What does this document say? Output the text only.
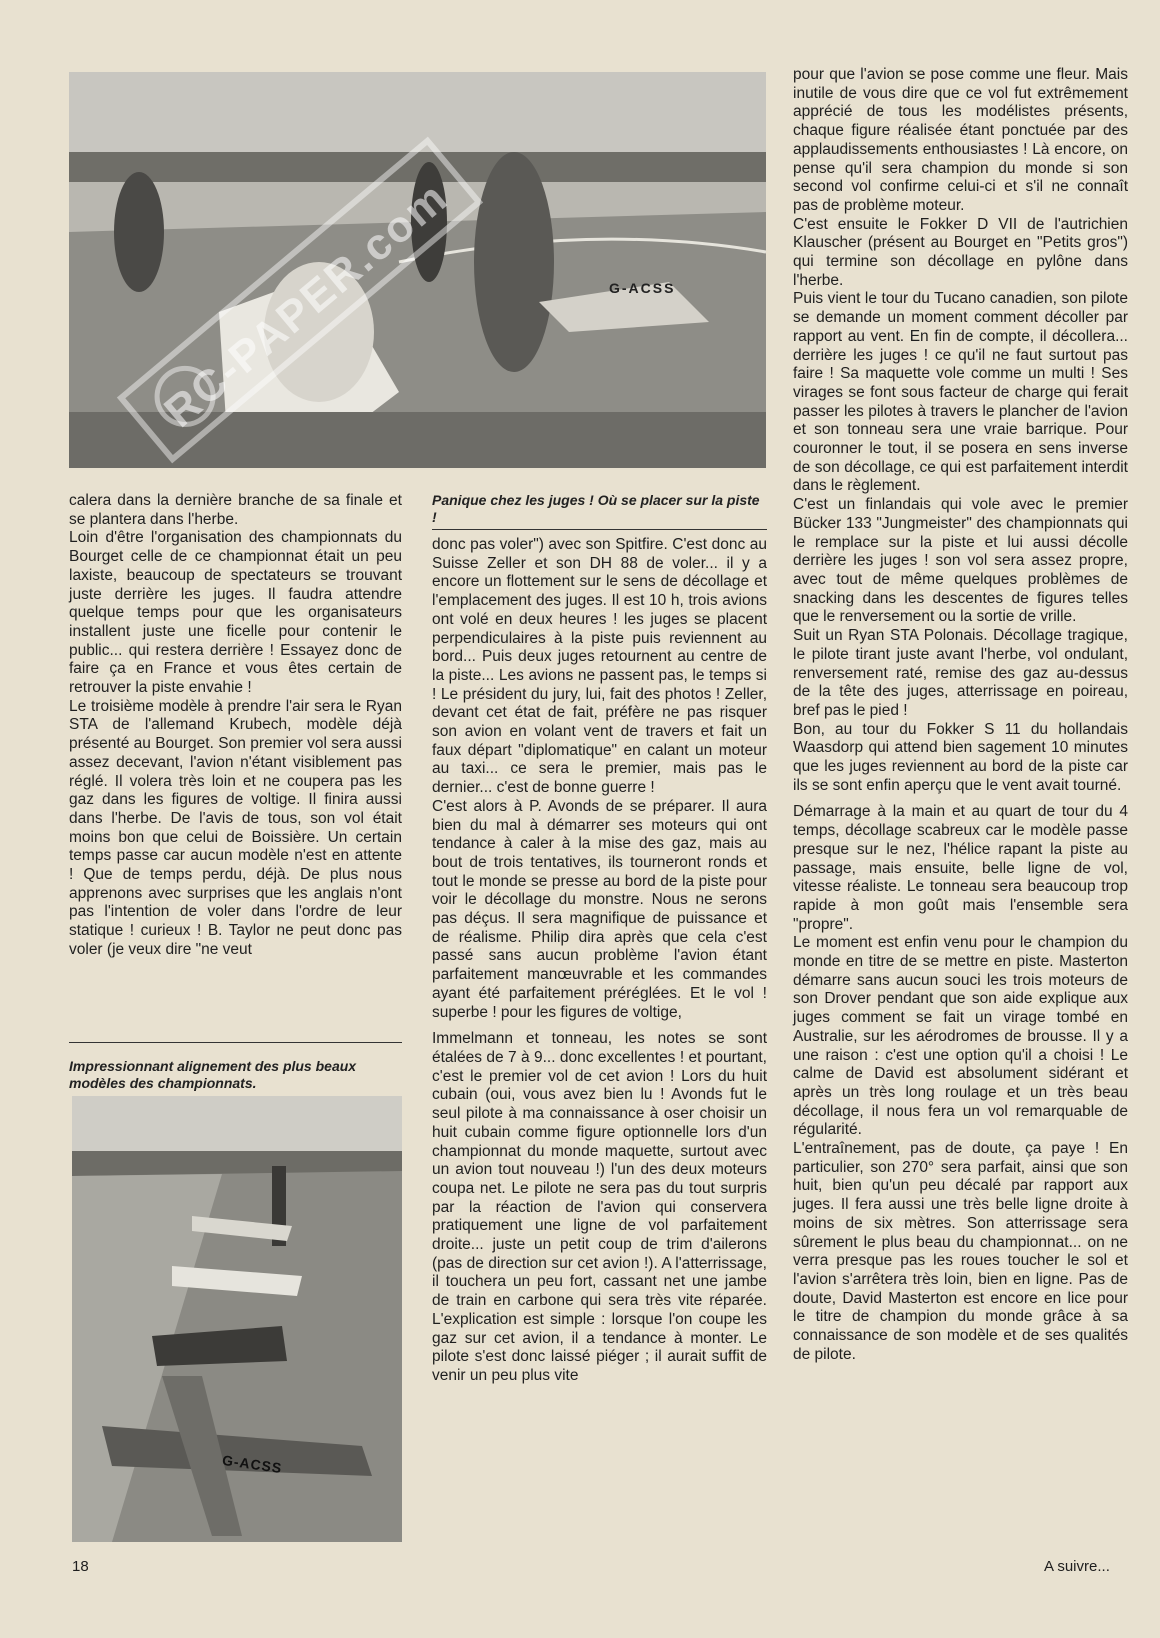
G-ACSS
RC-PAPER.com
Panique chez les juges ! Où se placer sur la piste !
Impressionnant alignement des plus beaux modèles des championnats.
G-ACSS

calera dans la dernière branche de sa finale et se plantera dans l'herbe.

Loin d'être l'organisation des championnats du Bourget celle de ce championnat était un peu laxiste, beaucoup de spectateurs se trouvant juste derrière les juges. Il faudra attendre quelque temps pour que les organisateurs installent juste une ficelle pour contenir le public... qui restera derrière ! Essayez donc de faire ça en France et vous êtes certain de retrouver la piste envahie !

Le troisième modèle à prendre l'air sera le Ryan STA de l'allemand Krubech, modèle déjà présenté au Bourget. Son premier vol sera aussi assez decevant, l'avion n'étant visiblement pas réglé. Il volera très loin et ne coupera pas les gaz dans les figures de voltige. Il finira aussi dans l'herbe. De l'avis de tous, son vol était moins bon que celui de Boissière. Un certain temps passe car aucun modèle n'est en attente ! Que de temps perdu, déjà. De plus nous apprenons avec surprises que les anglais n'ont pas l'intention de voler dans l'ordre de leur statique ! curieux ! B. Taylor ne peut donc pas voler (je veux dire "ne veut

donc pas voler") avec son Spitfire. C'est donc au Suisse Zeller et son DH 88 de voler... il y a encore un flottement sur le sens de décollage et l'emplacement des juges. Il est 10 h, trois avions ont volé en deux heures ! les juges se placent perpendiculaires à la piste puis reviennent au bord... Puis deux juges retournent au centre de la piste... Les avions ne passent pas, le temps si ! Le président du jury, lui, fait des photos ! Zeller, devant cet état de fait, préfère ne pas risquer son avion en volant vent de travers et fait un faux départ "diplomatique" en calant un moteur au taxi... ce sera le premier, mais pas le dernier... c'est de bonne guerre !

C'est alors à P. Avonds de se préparer. Il aura bien du mal à démarrer ses moteurs qui ont tendance à caler à la mise des gaz, mais au bout de trois tentatives, ils tourneront ronds et tout le monde se presse au bord de la piste pour voir le décollage du monstre. Nous ne serons pas déçus. Il sera magnifique de puissance et de réalisme. Philip dira après que cela c'est passé sans aucun problème l'avion étant parfaitement manœuvrable et les commandes ayant été parfaitement préréglées. Et le vol ! superbe ! pour les figures de voltige,

Immelmann et tonneau, les notes se sont étalées de 7 à 9... donc excellentes ! et pourtant, c'est le premier vol de cet avion ! Lors du huit cubain (oui, vous avez bien lu ! Avonds fut le seul pilote à ma connaissance à oser choisir un huit cubain comme figure optionnelle lors d'un championnat du monde maquette, surtout avec un avion tout nouveau !) l'un des deux moteurs coupa net. Le pilote ne sera pas du tout surpris par la réaction de l'avion qui conservera pratiquement une ligne de vol parfaitement droite... juste un petit coup de trim d'ailerons (pas de direction sur cet avion !). A l'atterrissage, il touchera un peu fort, cassant net une jambe de train en carbone qui sera très vite réparée. L'explication est simple : lorsque l'on coupe les gaz sur cet avion, il a tendance à monter. Le pilote s'est donc laissé piéger ; il aurait suffit de venir un peu plus vite

pour que l'avion se pose comme une fleur. Mais inutile de vous dire que ce vol fut extrêmement apprécié de tous les modélistes présents, chaque figure réalisée étant ponctuée par des applaudissements enthousiastes ! Là encore, on pense qu'il sera champion du monde si son second vol confirme celui-ci et s'il ne connaît pas de problème moteur.

C'est ensuite le Fokker D VII de l'autrichien Klauscher (présent au Bourget en "Petits gros") qui termine son décollage en pylône dans l'herbe.

Puis vient le tour du Tucano canadien, son pilote se demande un moment comment décoller par rapport au vent. En fin de compte, il décollera... derrière les juges ! ce qu'il ne faut surtout pas faire ! Sa maquette vole comme un multi ! Ses virages se font sous facteur de charge qui ferait passer les pilotes à travers le plancher de l'avion et son tonneau sera une vraie barrique. Pour couronner le tout, il se posera en sens inverse de son décollage, ce qui est parfaitement interdit dans le règlement.

C'est un finlandais qui vole avec le premier Bücker 133 "Jungmeister" des championnats qui le remplace sur la piste et lui aussi décolle derrière les juges ! son vol sera assez propre, avec tout de même quelques problèmes de snacking dans les descentes de figures telles que le renversement ou la sortie de vrille.

Suit un Ryan STA Polonais. Décollage tragique, le pilote tirant juste avant l'herbe, vol ondulant, renversement raté, remise des gaz au-dessus de la tête des juges, atterrissage en poireau, bref pas le pied !

Bon, au tour du Fokker S 11 du hollandais Waasdorp qui attend bien sagement 10 minutes que les juges reviennent au bord de la piste car ils se sont enfin aperçu que le vent avait tourné.

Démarrage à la main et au quart de tour du 4 temps, décollage scabreux car le modèle passe presque sur le nez, l'hélice rapant la piste au passage, mais ensuite, belle ligne de vol, vitesse réaliste. Le tonneau sera beaucoup trop rapide à mon goût mais l'ensemble sera "propre".

Le moment est enfin venu pour le champion du monde en titre de se mettre en piste. Masterton démarre sans aucun souci les trois moteurs de son Drover pendant que son aide explique aux juges comment se fait un virage tombé en Australie, sur les aérodromes de brousse. Il y a une raison : c'est une option qu'il a choisi ! Le calme de David est absolument sidérant et après un très long roulage et un très beau décollage, il nous fera un vol remarquable de régularité.

L'entraînement, pas de doute, ça paye ! En particulier, son 270° sera parfait, ainsi que son huit, bien qu'un peu décalé par rapport aux juges. Il fera aussi une très belle ligne droite à moins de six mètres. Son atterrissage sera sûrement le plus beau du championnat... on ne verra presque pas les roues toucher le sol et l'avion s'arrêtera très loin, bien en ligne. Pas de doute, David Masterton est encore en lice pour le titre de champion du monde grâce à sa connaissance de son modèle et de ses qualités de pilote.

18	A suivre...
